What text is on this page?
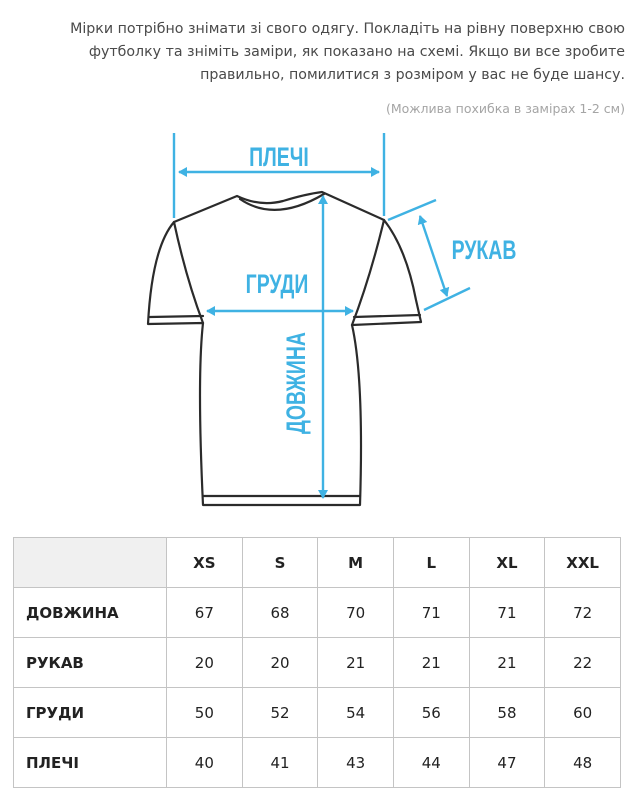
Мірки потрібно знімати зі свого одягу. Покладіть на рівну поверхню свою футболку та зніміть заміри, як показано на схемі. Якщо ви все зробите правильно, помилитися з розміром у вас не буде шансу.
(Можлива похибка в замірах 1-2 см)
ПЛЕЧІ
РУКАВ
ГРУДИ
ДОВЖИНА
	XS	S	M	L	XL	XXL
ДОВЖИНА	67	68	70	71	71	72
РУКАВ	20	20	21	21	21	22
ГРУДИ	50	52	54	56	58	60
ПЛЕЧІ	40	41	43	44	47	48
